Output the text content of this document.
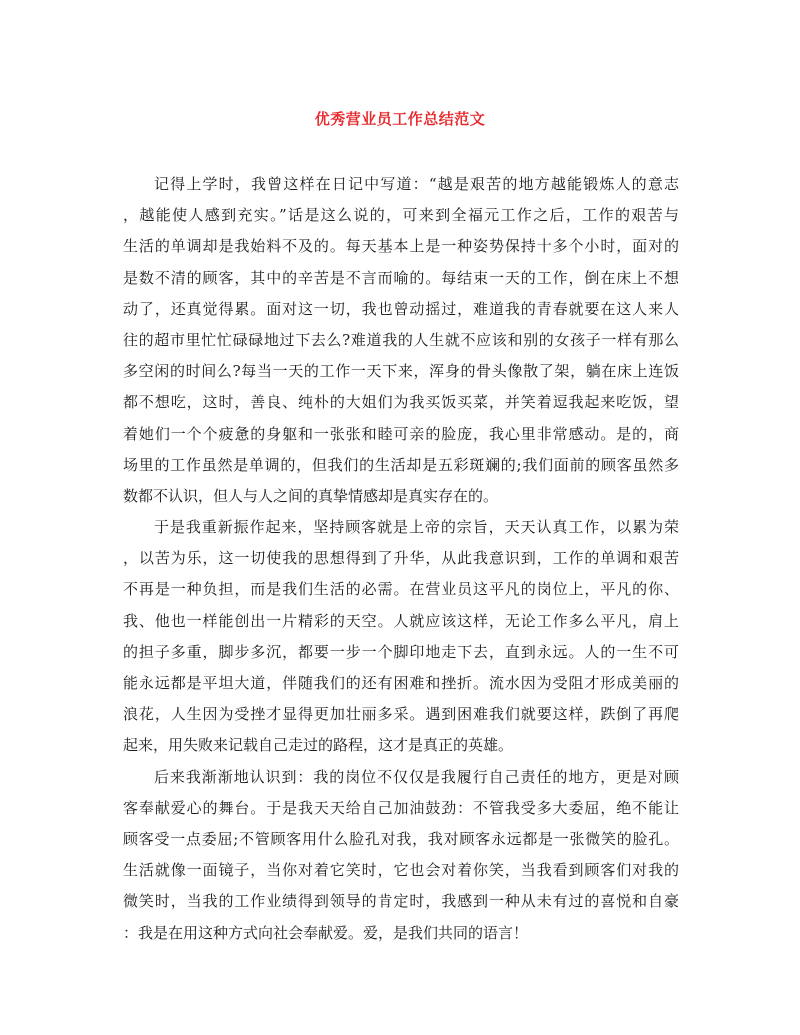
优秀营业员工作总结范文
记得上学时，我曾这样在日记中写道：“越是艰苦的地方越能锻炼人的意志
，越能使人感到充实。”话是这么说的，可来到全福元工作之后，工作的艰苦与
生活的单调却是我始料不及的。每天基本上是一种姿势保持十多个小时，面对的
是数不清的顾客，其中的辛苦是不言而喻的。每结束一天的工作，倒在床上不想
动了，还真觉得累。面对这一切，我也曾动摇过，难道我的青春就要在这人来人
往的超市里忙忙碌碌地过下去么?难道我的人生就不应该和别的女孩子一样有那么
多空闲的时间么?每当一天的工作一天下来，浑身的骨头像散了架，躺在床上连饭
都不想吃，这时，善良、纯朴的大姐们为我买饭买菜，并笑着逗我起来吃饭，望
着她们一个个疲惫的身躯和一张张和睦可亲的脸庞，我心里非常感动。是的，商
场里的工作虽然是单调的，但我们的生活却是五彩斑斓的;我们面前的顾客虽然多
数都不认识，但人与人之间的真挚情感却是真实存在的。
于是我重新振作起来，坚持顾客就是上帝的宗旨，天天认真工作，以累为荣
，以苦为乐，这一切使我的思想得到了升华，从此我意识到，工作的单调和艰苦
不再是一种负担，而是我们生活的必需。在营业员这平凡的岗位上，平凡的你、
我、他也一样能创出一片精彩的天空。人就应该这样，无论工作多么平凡，肩上
的担子多重，脚步多沉，都要一步一个脚印地走下去，直到永远。人的一生不可
能永远都是平坦大道，伴随我们的还有困难和挫折。流水因为受阻才形成美丽的
浪花，人生因为受挫才显得更加壮丽多采。遇到困难我们就要这样，跌倒了再爬
起来，用失败来记载自己走过的路程，这才是真正的英雄。
后来我渐渐地认识到：我的岗位不仅仅是我履行自己责任的地方，更是对顾
客奉献爱心的舞台。于是我天天给自己加油鼓劲：不管我受多大委屈，绝不能让
顾客受一点委屈;不管顾客用什么脸孔对我，我对顾客永远都是一张微笑的脸孔。
生活就像一面镜子，当你对着它笑时，它也会对着你笑，当我看到顾客们对我的
微笑时，当我的工作业绩得到领导的肯定时，我感到一种从未有过的喜悦和自豪
：我是在用这种方式向社会奉献爱。爱，是我们共同的语言！
